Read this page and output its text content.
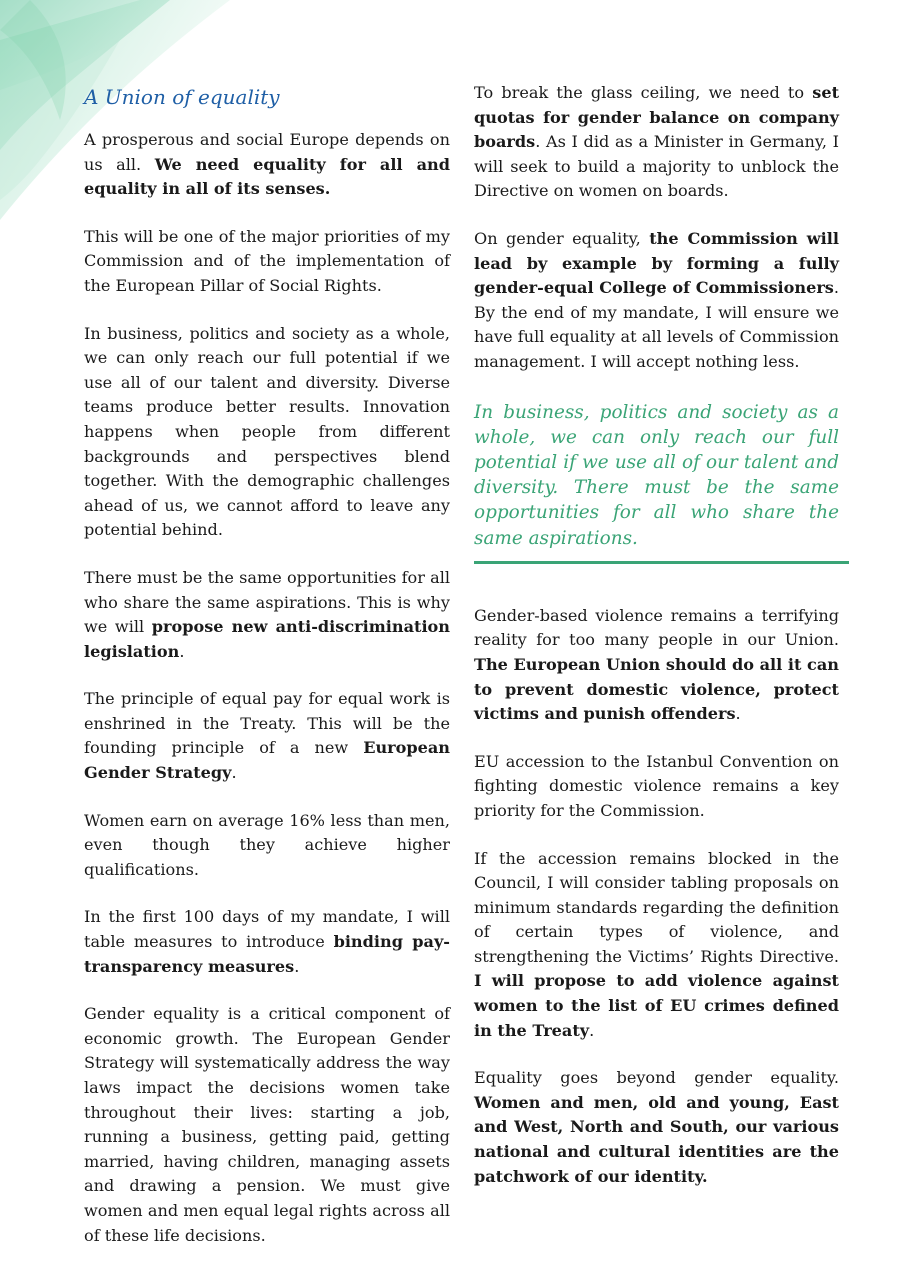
A Union of equality

A prosperous and social Europe depends on us all. We need equality for all and equality in all of its senses.

This will be one of the major priorities of my Commission and of the implementation of the European Pillar of Social Rights.

In business, politics and society as a whole, we can only reach our full potential if we use all of our talent and diversity. Diverse teams produce better results. Innovation happens when people from different backgrounds and perspectives blend together. With the demographic challenges ahead of us, we cannot afford to leave any potential behind.

There must be the same opportunities for all who share the same aspirations. This is why we will propose new anti-discrimination legislation.

The principle of equal pay for equal work is enshrined in the Treaty. This will be the founding principle of a new European Gender Strategy.

Women earn on average 16% less than men, even though they achieve higher qualifications.

In the first 100 days of my mandate, I will table measures to introduce binding pay-transparency measures.

Gender equality is a critical component of economic growth. The European Gender Strategy will systematically address the way laws impact the decisions women take throughout their lives: starting a job, running a business, getting paid, getting married, having children, managing assets and drawing a pension. We must give women and men equal legal rights across all of these life decisions.

To break the glass ceiling, we need to set quotas for gender balance on company boards. As I did as a Minister in Germany, I will seek to build a majority to unblock the Directive on women on boards.

On gender equality, the Commission will lead by example by forming a fully gender-equal College of Commissioners. By the end of my mandate, I will ensure we have full equality at all levels of Commission management. I will accept nothing less.

In business, politics and society as a whole, we can only reach our full potential if we use all of our talent and diversity. There must be the same opportunities for all who share the same aspirations.

Gender-based violence remains a terrifying reality for too many people in our Union. The European Union should do all it can to prevent domestic violence, protect victims and punish offenders.

EU accession to the Istanbul Convention on fighting domestic violence remains a key priority for the Commission.

If the accession remains blocked in the Council, I will consider tabling proposals on minimum standards regarding the definition of certain types of violence, and strengthening the Victims’ Rights Directive. I will propose to add violence against women to the list of EU crimes defined in the Treaty.

Equality goes beyond gender equality. Women and men, old and young, East and West, North and South, our various national and cultural identities are the patchwork of our identity.
